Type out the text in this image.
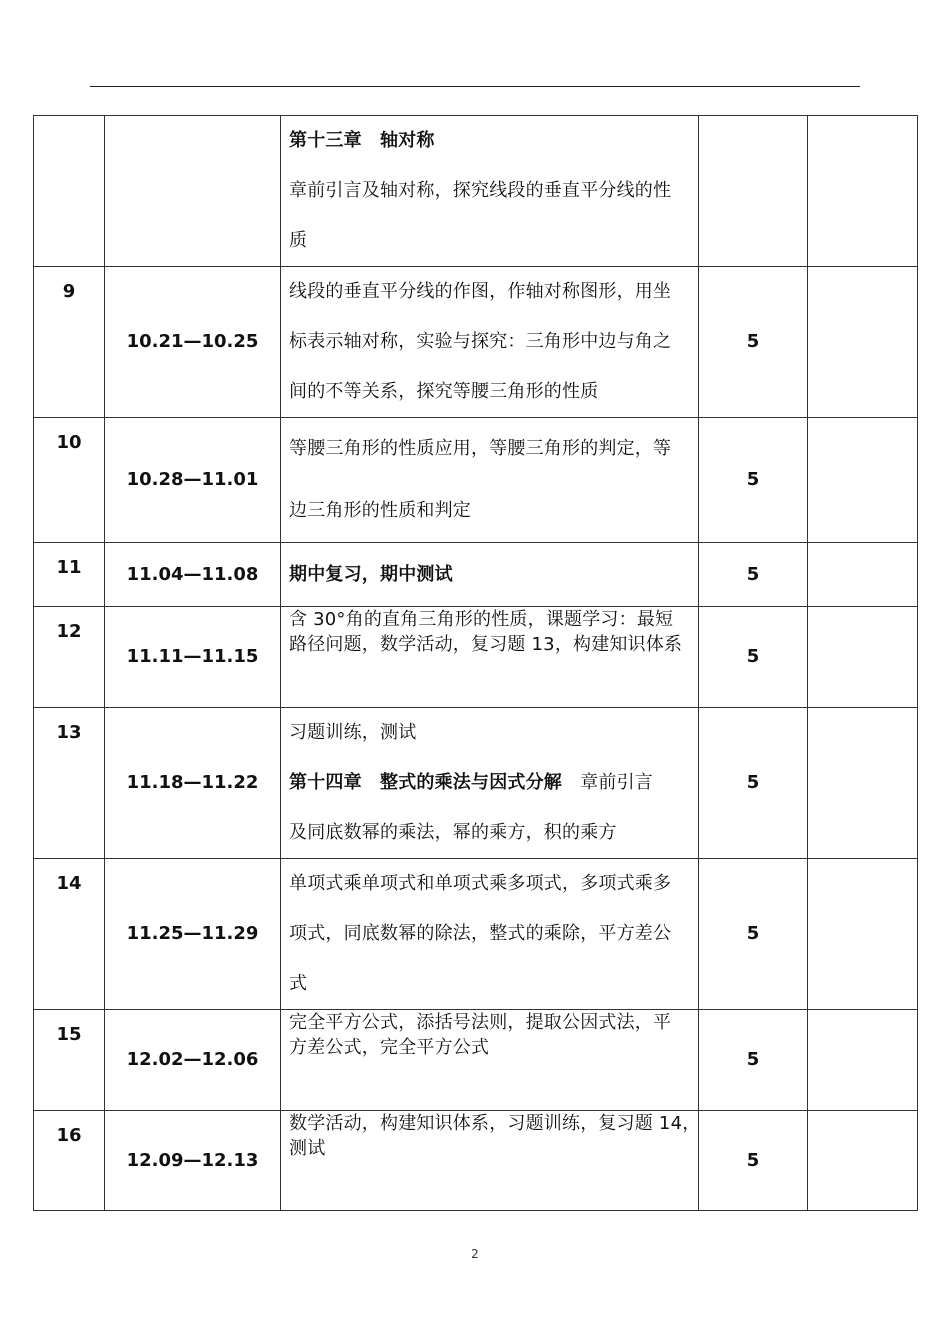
		第十三章　轴对称
章前引言及轴对称，探究线段的垂直平分线的性
质		

9	10.21—10.25	线段的垂直平分线的作图，作轴对称图形，用坐
标表示轴对称，实验与探究：三角形中边与角之
间的不等关系，探究等腰三角形的性质	5	

10	10.28—11.01	等腰三角形的性质应用，等腰三角形的判定，等
边三角形的性质和判定	5	

11	11.04—11.08	期中复习，期中测试	5	

12	11.11—11.15	含 30°角的直角三角形的性质，课题学习：最短
路径问题，数学活动，复习题 13，构建知识体系	5	

13	11.18—11.22	习题训练，测试
第十四章　整式的乘法与因式分解　章前引言
及同底数幂的乘法，幂的乘方，积的乘方	5	

14	11.25—11.29	单项式乘单项式和单项式乘多项式，多项式乘多
项式，同底数幂的除法，整式的乘除，平方差公
式	5	

15	12.02—12.06	完全平方公式，添括号法则，提取公因式法，平
方差公式，完全平方公式	5	

16	12.09—12.13	数学活动，构建知识体系，习题训练，复习题 14，
测试	5	
2
